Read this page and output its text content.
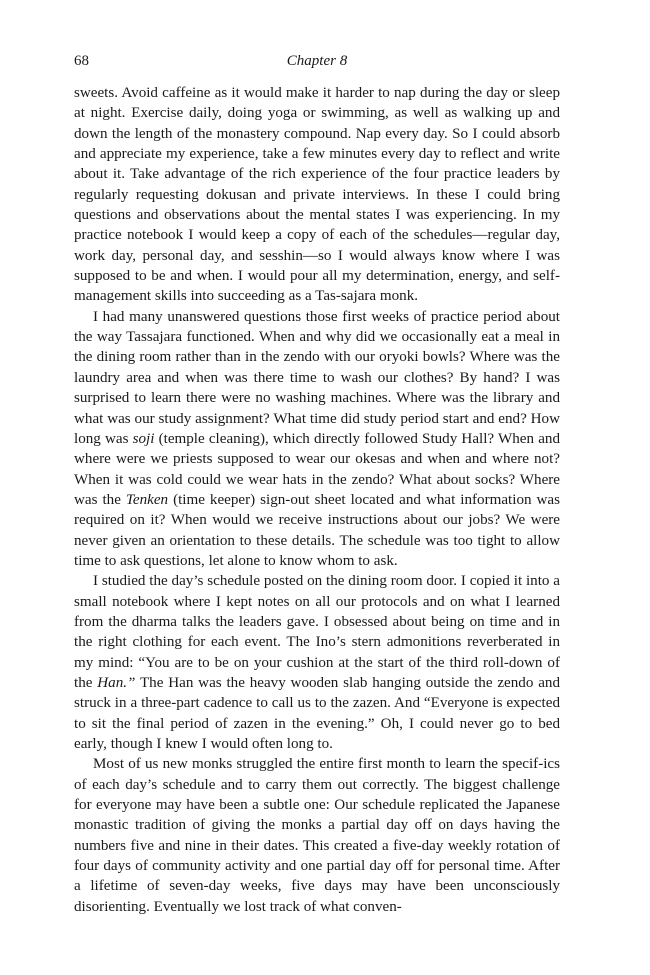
68	Chapter 8

sweets. Avoid caffeine as it would make it harder to nap during the day or sleep at night. Exercise daily, doing yoga or swimming, as well as walking up and down the length of the monastery compound. Nap every day. So I could absorb and appreciate my experience, take a few minutes every day to reflect and write about it. Take advantage of the rich experience of the four practice leaders by regularly requesting dokusan and private interviews. In these I could bring questions and observations about the mental states I was experiencing. In my practice notebook I would keep a copy of each of the schedules—regular day, work day, personal day, and sesshin—so I would always know where I was supposed to be and when. I would pour all my determination, energy, and self-management skills into succeeding as a Tas-sajara monk.

I had many unanswered questions those first weeks of practice period about the way Tassajara functioned. When and why did we occasionally eat a meal in the dining room rather than in the zendo with our oryoki bowls? Where was the laundry area and when was there time to wash our clothes? By hand? I was surprised to learn there were no washing machines. Where was the library and what was our study assignment? What time did study period start and end? How long was soji (temple cleaning), which directly followed Study Hall? When and where were we priests supposed to wear our okesas and when and where not? When it was cold could we wear hats in the zendo? What about socks? Where was the Tenken (time keeper) sign-out sheet located and what information was required on it? When would we receive instructions about our jobs? We were never given an orientation to these details. The schedule was too tight to allow time to ask questions, let alone to know whom to ask.

I studied the day’s schedule posted on the dining room door. I copied it into a small notebook where I kept notes on all our protocols and on what I learned from the dharma talks the leaders gave. I obsessed about being on time and in the right clothing for each event. The Ino’s stern admonitions reverberated in my mind: “You are to be on your cushion at the start of the third roll-down of the Han.” The Han was the heavy wooden slab hanging outside the zendo and struck in a three-part cadence to call us to the zazen. And “Everyone is expected to sit the final period of zazen in the evening.” Oh, I could never go to bed early, though I knew I would often long to.

Most of us new monks struggled the entire first month to learn the specif-ics of each day’s schedule and to carry them out correctly. The biggest challenge for everyone may have been a subtle one: Our schedule replicated the Japanese monastic tradition of giving the monks a partial day off on days having the numbers five and nine in their dates. This created a five-day weekly rotation of four days of community activity and one partial day off for personal time. After a lifetime of seven-day weeks, five days may have been unconsciously disorienting. Eventually we lost track of what conven-
